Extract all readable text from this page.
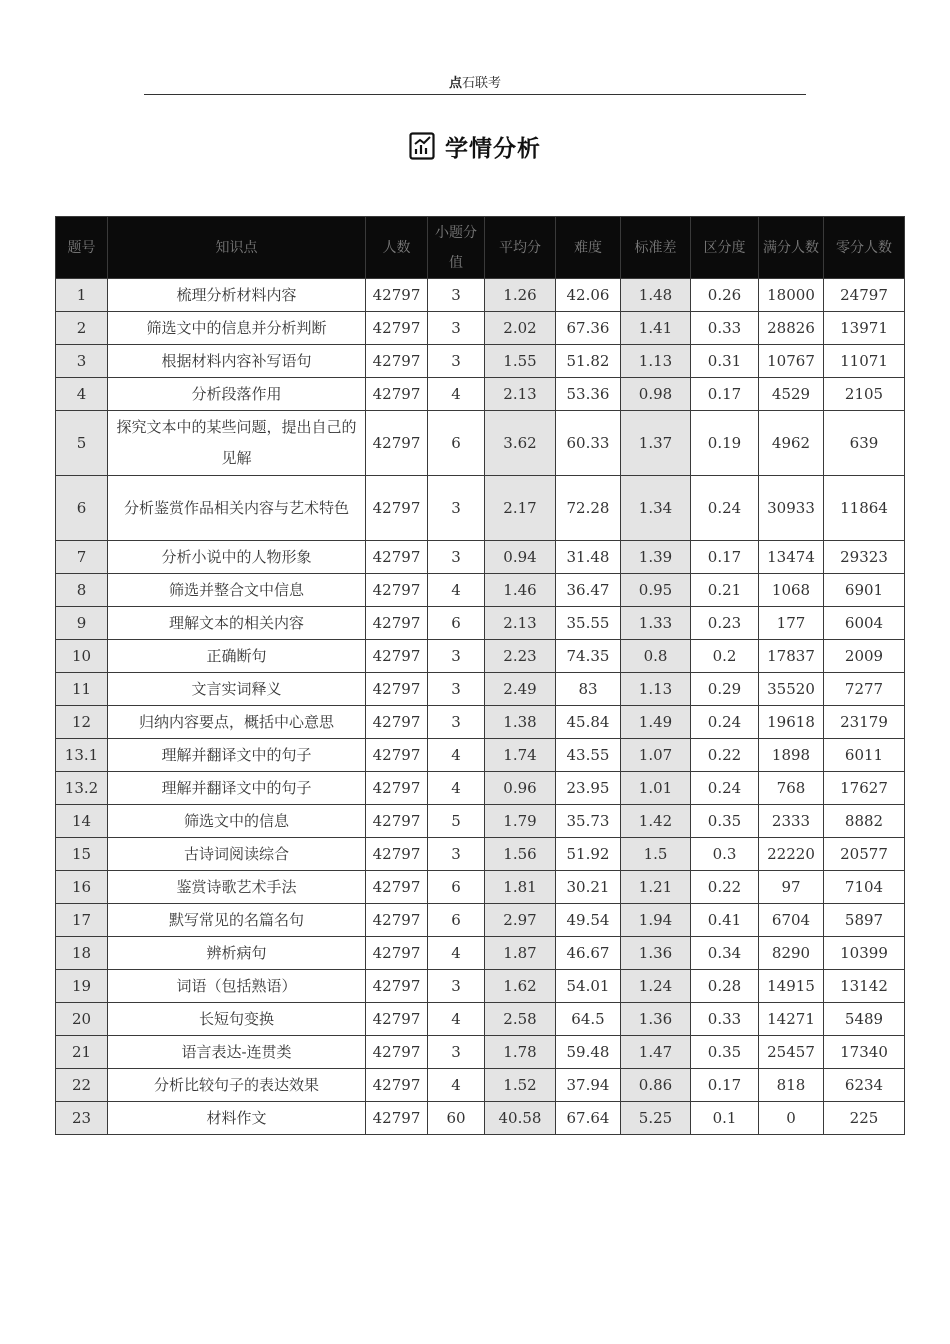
点石联考
学情分析
题号	知识点	人数	小题分值	平均分	难度	标准差	区分度	满分人数	零分人数
1	梳理分析材料内容	42797	3	1.26	42.06	1.48	0.26	18000	24797
2	筛选文中的信息并分析判断	42797	3	2.02	67.36	1.41	0.33	28826	13971
3	根据材料内容补写语句	42797	3	1.55	51.82	1.13	0.31	10767	11071
4	分析段落作用	42797	4	2.13	53.36	0.98	0.17	4529	2105
5	探究文本中的某些问题，提出自己的见解	42797	6	3.62	60.33	1.37	0.19	4962	639
6	分析鉴赏作品相关内容与艺术特色	42797	3	2.17	72.28	1.34	0.24	30933	11864
7	分析小说中的人物形象	42797	3	0.94	31.48	1.39	0.17	13474	29323
8	筛选并整合文中信息	42797	4	1.46	36.47	0.95	0.21	1068	6901
9	理解文本的相关内容	42797	6	2.13	35.55	1.33	0.23	177	6004
10	正确断句	42797	3	2.23	74.35	0.8	0.2	17837	2009
11	文言实词释义	42797	3	2.49	83	1.13	0.29	35520	7277
12	归纳内容要点，概括中心意思	42797	3	1.38	45.84	1.49	0.24	19618	23179
13.1	理解并翻译文中的句子	42797	4	1.74	43.55	1.07	0.22	1898	6011
13.2	理解并翻译文中的句子	42797	4	0.96	23.95	1.01	0.24	768	17627
14	筛选文中的信息	42797	5	1.79	35.73	1.42	0.35	2333	8882
15	古诗词阅读综合	42797	3	1.56	51.92	1.5	0.3	22220	20577
16	鉴赏诗歌艺术手法	42797	6	1.81	30.21	1.21	0.22	97	7104
17	默写常见的名篇名句	42797	6	2.97	49.54	1.94	0.41	6704	5897
18	辨析病句	42797	4	1.87	46.67	1.36	0.34	8290	10399
19	词语（包括熟语）	42797	3	1.62	54.01	1.24	0.28	14915	13142
20	长短句变换	42797	4	2.58	64.5	1.36	0.33	14271	5489
21	语言表达-连贯类	42797	3	1.78	59.48	1.47	0.35	25457	17340
22	分析比较句子的表达效果	42797	4	1.52	37.94	0.86	0.17	818	6234
23	材料作文	42797	60	40.58	67.64	5.25	0.1	0	225
